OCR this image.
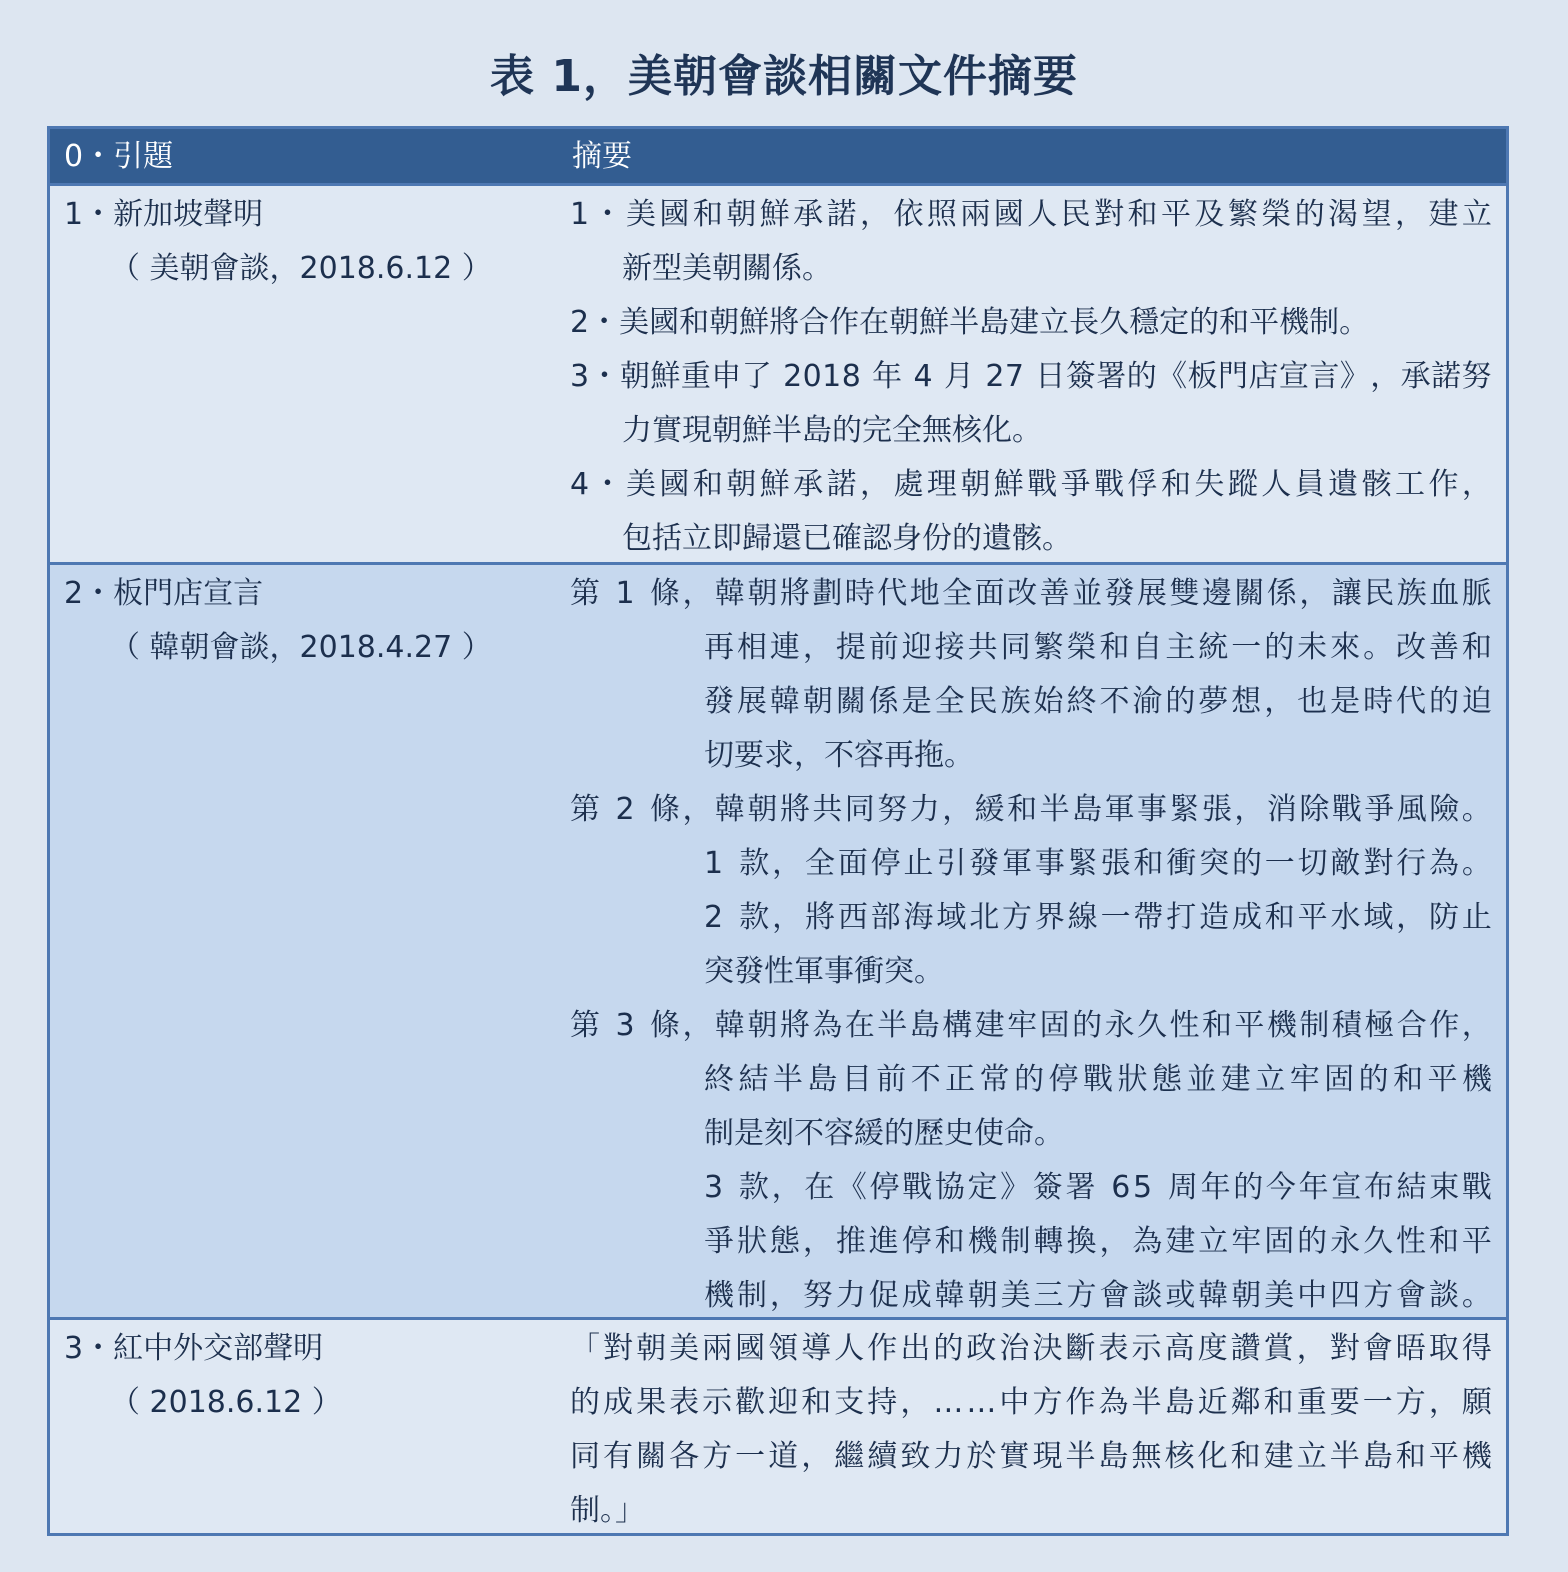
表 1，美朝會談相關文件摘要
0・引題	摘要
1・新加坡聲明
（ 美朝會談，2018.6.12 ）
1 ・ 美 國 和 朝 鮮 承 諾 ， 依 照 兩 國 人 民 對 和 平 及 繁 榮 的 渴 望 ， 建 立
新型美朝關係。
2・美國和朝鮮將合作在朝鮮半島建立長久穩定的和平機制。
3 ・ 朝 鮮 重 申 了 2 0 1 8 年 4 月 2 7 日 簽 署 的 《 板 門 店 宣 言 》 ， 承 諾 努
力實現朝鮮半島的完全無核化。
4 ・ 美 國 和 朝 鮮 承 諾 ， 處 理 朝 鮮 戰 爭 戰 俘 和 失 蹤 人 員 遺 骸 工 作 ，
包括立即歸還已確認身份的遺骸。
2・板門店宣言
（ 韓朝會談，2018.4.27 ）
第 1 條 ， 韓 朝 將 劃 時 代 地 全 面 改 善 並 發 展 雙 邊 關 係 ， 讓 民 族 血 脈
再 相 連 ， 提 前 迎 接 共 同 繁 榮 和 自 主 統 一 的 未 來 。 改 善 和
發 展 韓 朝 關 係 是 全 民 族 始 終 不 渝 的 夢 想 ， 也 是 時 代 的 迫
切要求，不容再拖。
第 2 條 ， 韓 朝 將 共 同 努 力 ， 緩 和 半 島 軍 事 緊 張 ， 消 除 戰 爭 風 險 。
1 款 ， 全 面 停 止 引 發 軍 事 緊 張 和 衝 突 的 一 切 敵 對 行 為 。
2 款 ， 將 西 部 海 域 北 方 界 線 一 帶 打 造 成 和 平 水 域 ， 防 止
突發性軍事衝突。
第 3 條 ， 韓 朝 將 為 在 半 島 構 建 牢 固 的 永 久 性 和 平 機 制 積 極 合 作 ，
終 結 半 島 目 前 不 正 常 的 停 戰 狀 態 並 建 立 牢 固 的 和 平 機
制是刻不容緩的歷史使命。
3 款 ， 在 《 停 戰 協 定 》 簽 署 6 5 周 年 的 今 年 宣 布 結 束 戰
爭 狀 態 ， 推 進 停 和 機 制 轉 換 ， 為 建 立 牢 固 的 永 久 性 和 平
機 制 ， 努 力 促 成 韓 朝 美 三 方 會 談 或 韓 朝 美 中 四 方 會 談 。
3・紅中外交部聲明
（ 2018.6.12 ）
「 對 朝 美 兩 國 領 導 人 作 出 的 政 治 決 斷 表 示 高 度 讚 賞 ， 對 會 晤 取 得
的 成 果 表 示 歡 迎 和 支 持 ， … … 中 方 作 為 半 島 近 鄰 和 重 要 一 方 ， 願
同 有 關 各 方 一 道 ， 繼 續 致 力 於 實 現 半 島 無 核 化 和 建 立 半 島 和 平 機
制。」
